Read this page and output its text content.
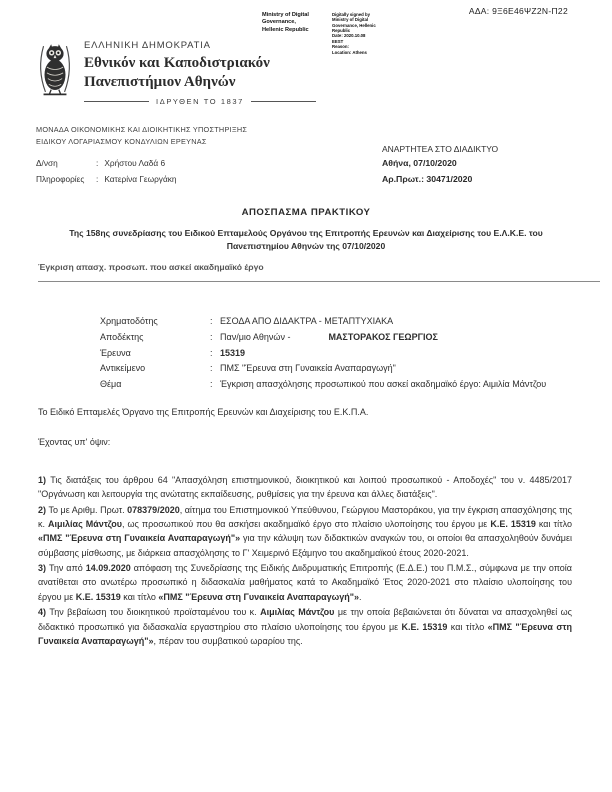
ΑΔΑ: 9Ξ6Ε46ΨΖ2Ν-Π22
Ministry of Digital
Governance,
Hellenic Republic
Digitally signed by
Ministry of Digital
Governance, Hellenic
Republic
Date: 2020.10.08
EEST
Reason:
Location: Athens
ΕΛΛΗΝΙΚΗ ΔΗΜΟΚΡΑΤΙΑ
Εθνικόν και Καποδιστριακόν
Πανεπιστήμιον Αθηνών
ΙΔΡΥΘΕΝ ΤΟ 1837
ΜΟΝΑΔΑ ΟΙΚΟΝΟΜΙΚΗΣ ΚΑΙ ΔΙΟΙΚΗΤΙΚΗΣ ΥΠΟΣΤΗΡΙΞΗΣ
ΕΙΔΙΚΟΥ ΛΟΓΑΡΙΑΣΜΟΥ ΚΟΝΔΥΛΙΩΝ ΕΡΕΥΝΑΣ
ΑΝΑΡΤΗΤΕΑ ΣΤΟ ΔΙΑΔΙΚΤΥΟ
Δ/νση	: Χρήστου Λαδά 6
Πληροφορίες : Κατερίνα Γεωργάκη
Αθήνα, 07/10/2020
Αρ.Πρωτ.: 30471/2020
ΑΠΟΣΠΑΣΜΑ ΠΡΑΚΤΙΚΟΥ
Της 158ης συνεδρίασης του Ειδικού Επταμελούς Οργάνου της Επιτροπής Ερευνών και Διαχείρισης του Ε.Λ.Κ.Ε. του Πανεπιστημίου Αθηνών της 07/10/2020
Έγκριση απασχ. προσωπ. που ασκεί ακαδημαϊκό έργο
Χρηματοδότης	: ΕΣΟΔΑ ΑΠΟ ΔΙΔΑΚΤΡΑ - ΜΕΤΑΠΤΥΧΙΑΚΑ
Αποδέκτης	: Παν/μιο Αθηνών -	ΜΑΣΤΟΡΑΚΟΣ ΓΕΩΡΓΙΟΣ
Έρευνα	: 15319
Αντικείμενο	: ΠΜΣ "Έρευνα στη Γυναικεία Αναπαραγωγή"
Θέμα	: Έγκριση απασχόλησης προσωπικού που ασκεί ακαδημαϊκό έργο: Αιμιλία Μάντζου

Το Ειδικό Επταμελές Όργανο της Επιτροπής Ερευνών και Διαχείρισης του Ε.Κ.Π.Α.

Έχοντας υπ' όψιν:

1) Τις διατάξεις του άρθρου 64 "Απασχόληση επιστημονικού, διοικητικού και λοιπού προσωπικού - Αποδοχές" του ν. 4485/2017 "Οργάνωση και λειτουργία της ανώτατης εκπαίδευσης, ρυθμίσεις για την έρευνα και άλλες διατάξεις".

2) Το με Αριθμ. Πρωτ. 078379/2020, αίτημα του Επιστημονικού Υπεύθυνου, Γεώργιου Μαστοράκου, για την έγκριση απασχόλησης της κ. Αιμιλίας Μάντζου, ως προσωπικού που θα ασκήσει ακαδημαϊκό έργο στο πλαίσιο υλοποίησης του έργου με Κ.Ε. 15319 και τίτλο «ΠΜΣ "Έρευνα στη Γυναικεία Αναπαραγωγή"» για την κάλυψη των διδακτικών αναγκών του, οι οποίοι θα απασχοληθούν δυνάμει σύμβασης μίσθωσης, με διάρκεια απασχόλησης το Γ' Χειμερινό Εξάμηνο του ακαδημαϊκού έτους 2020-2021.

3) Την από 14.09.2020 απόφαση της Συνεδρίασης της Ειδικής Διιδρυματικής Επιτροπής (Ε.Δ.Ε.) του Π.Μ.Σ., σύμφωνα με την οποία ανατίθεται στο ανωτέρω προσωπικό η διδασκαλία μαθήματος κατά το Ακαδημαϊκό Έτος 2020-2021 στο πλαίσιο υλοποίησης του έργου με Κ.Ε. 15319 και τίτλο «ΠΜΣ "Έρευνα στη Γυναικεία Αναπαραγωγή"».

4) Την βεβαίωση του διοικητικού προϊσταμένου του κ. Αιμιλίας Μάντζου με την οποία βεβαιώνεται ότι δύναται να απασχοληθεί ως διδακτικό προσωπικό για διδασκαλία εργαστηρίου στο πλαίσιο υλοποίησης του έργου με Κ.Ε. 15319 και τίτλο «ΠΜΣ "Έρευνα στη Γυναικεία Αναπαραγωγή"», πέραν του συμβατικού ωραρίου της.
